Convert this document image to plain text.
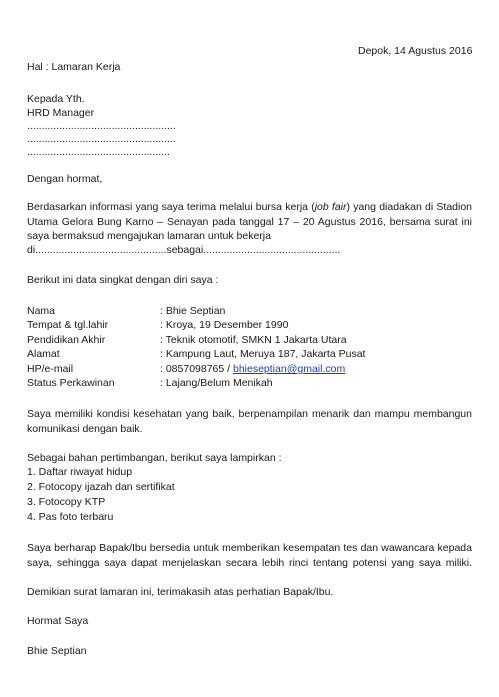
Depok, 14 Agustus 2016
Hal : Lamaran Kerja
Kepada Yth.
HRD Manager
...................................................
...................................................
.................................................
Dengan hormat,
Berdasarkan informasi yang saya terima melalui bursa kerja (job fair) yang diadakan di Stadion
Utama Gelora Bung Karno – Senayan pada tanggal 17 – 20 Agustus 2016, bersama surat ini
saya bermaksud mengajukan lamaran untuk bekerja
di.............................................sebagai...............................................
Berikut ini data singkat dengan diri saya :
Nama	: Bhie Septian
Tempat & tgl.lahir	: Kroya, 19 Desember 1990
Pendidikan Akhir	: Teknik otomotif, SMKN 1 Jakarta Utara
Alamat	: Kampung Laut, Meruya 187, Jakarta Pusat
HP/e-mail	: 0857098765 / bhieseptian@gmail.com
Status Perkawinan	: Lajang/Belum Menikah
Saya memiliki kondisi kesehatan yang baik, berpenampilan menarik dan mampu membangun
komunikasi dengan baik.
Sebagai bahan pertimbangan, berikut saya lampirkan :
1. Daftar riwayat hidup
2. Fotocopy ijazah dan sertifikat
3. Fotocopy KTP
4. Pas foto terbaru
Saya berharap Bapak/Ibu bersedia untuk memberikan kesempatan tes dan wawancara kepada
saya, sehingga saya dapat menjelaskan secara lebih rinci tentang potensi yang saya miliki.
Demikian surat lamaran ini, terimakasih atas perhatian Bapak/Ibu.
Hormat Saya
Bhie Septian
